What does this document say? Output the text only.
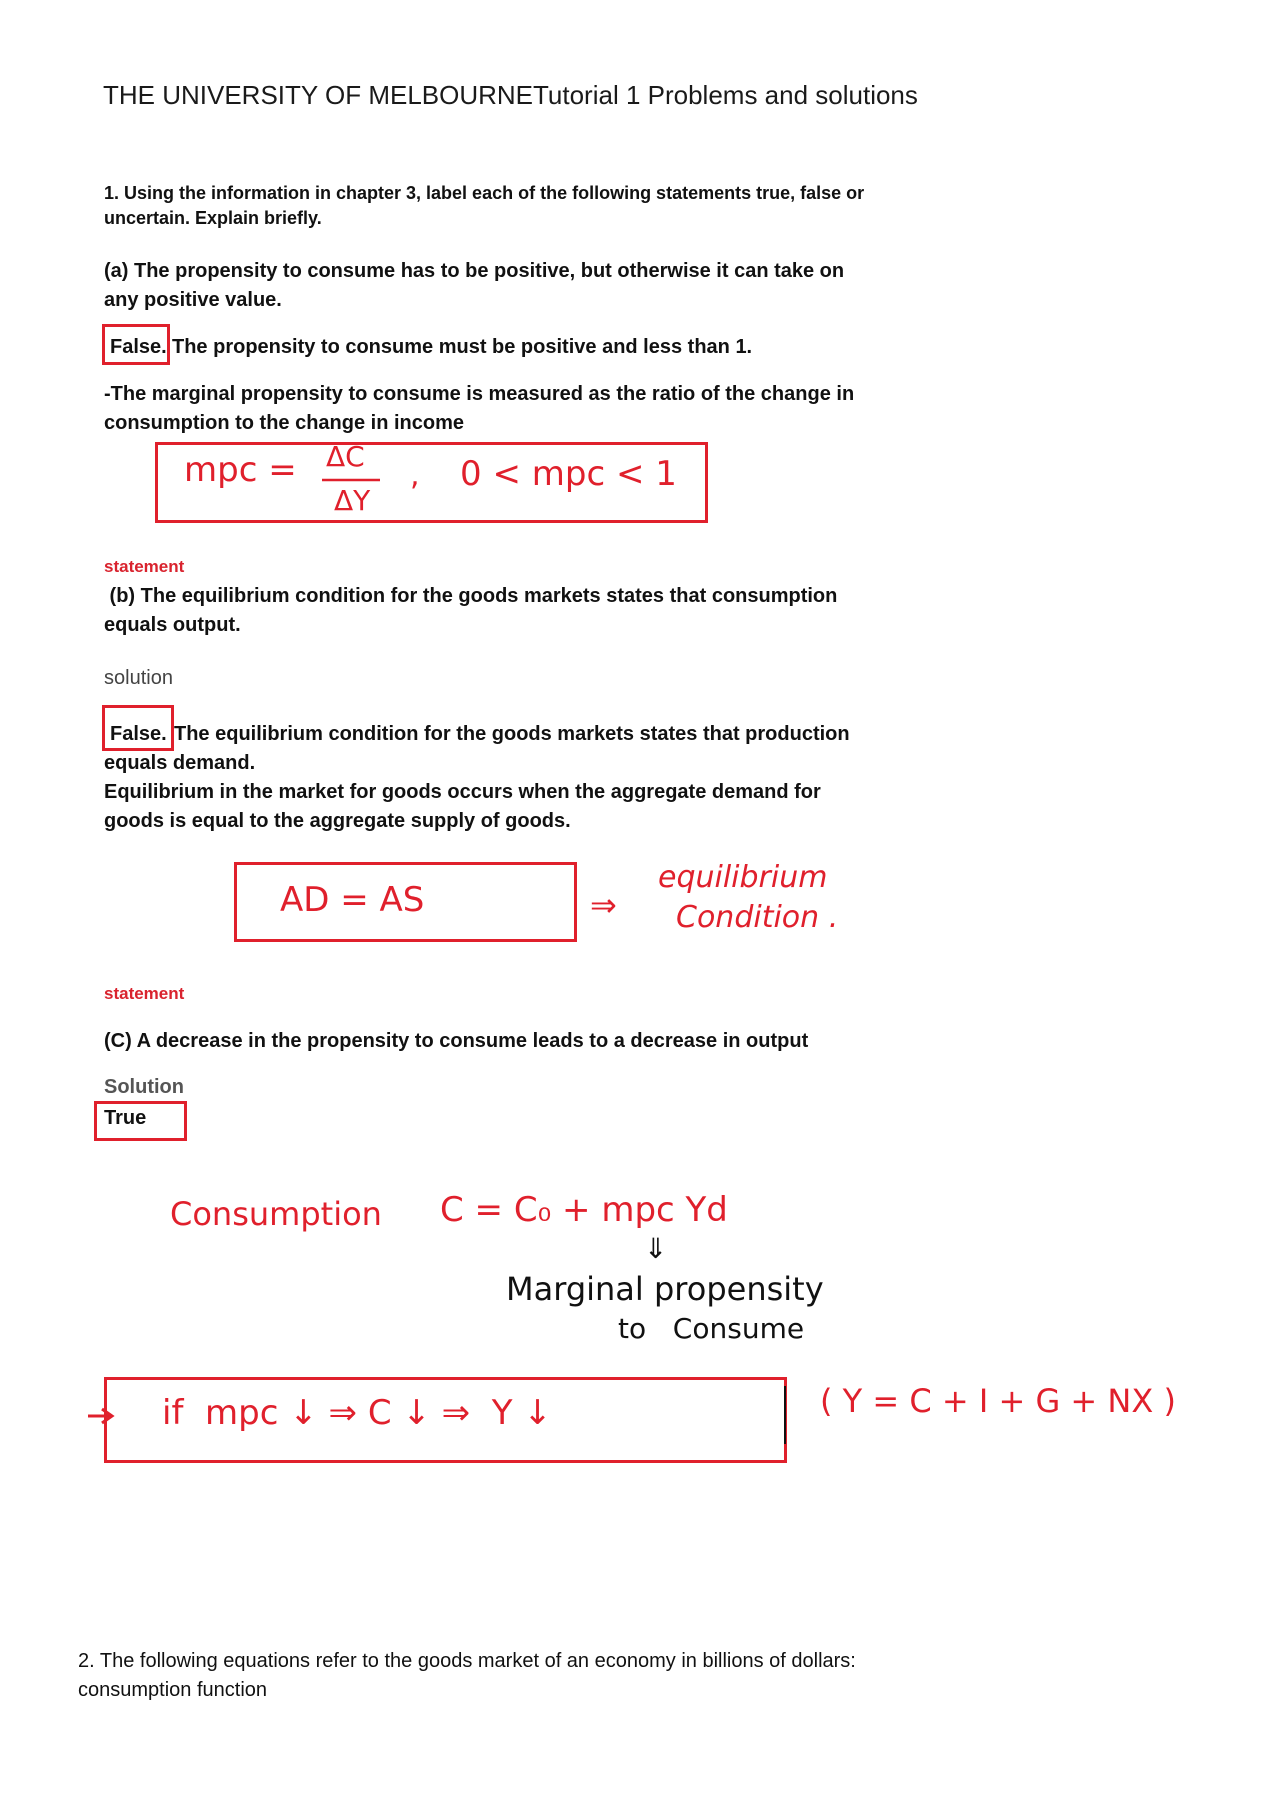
THE UNIVERSITY OF MELBOURNE Tutorial 1 Problems and solutions
1. Using the information in chapter 3, label each of the following statements true, false or
uncertain. Explain briefly.
(a) The propensity to consume has to be positive, but otherwise it can take on
any positive value.
False. The propensity to consume must be positive and less than 1.
-The marginal propensity to consume is measured as the ratio of the change in
consumption to the change in income
mpc = ΔC
ΔY
, 0 < mpc < 1
statement
(b) The equilibrium condition for the goods markets states that consumption
equals output.
solution
False. The equilibrium condition for the goods markets states that production
equals demand.
Equilibrium in the market for goods occurs when the aggregate demand for
goods is equal to the aggregate supply of goods.
AD = AS	⇒
equilibrium
Condition .
statement
(C) A decrease in the propensity to consume leads to a decrease in output
Solution
True
Consumption C = C₀ + mpc Yd
⇓
Marginal propensity
to   Consume
if  mpc ↓ ⇒ C ↓ ⇒  Y ↓	( Y = C + I + G + NX )
2. The following equations refer to the goods market of an economy in billions of dollars:
consumption function
